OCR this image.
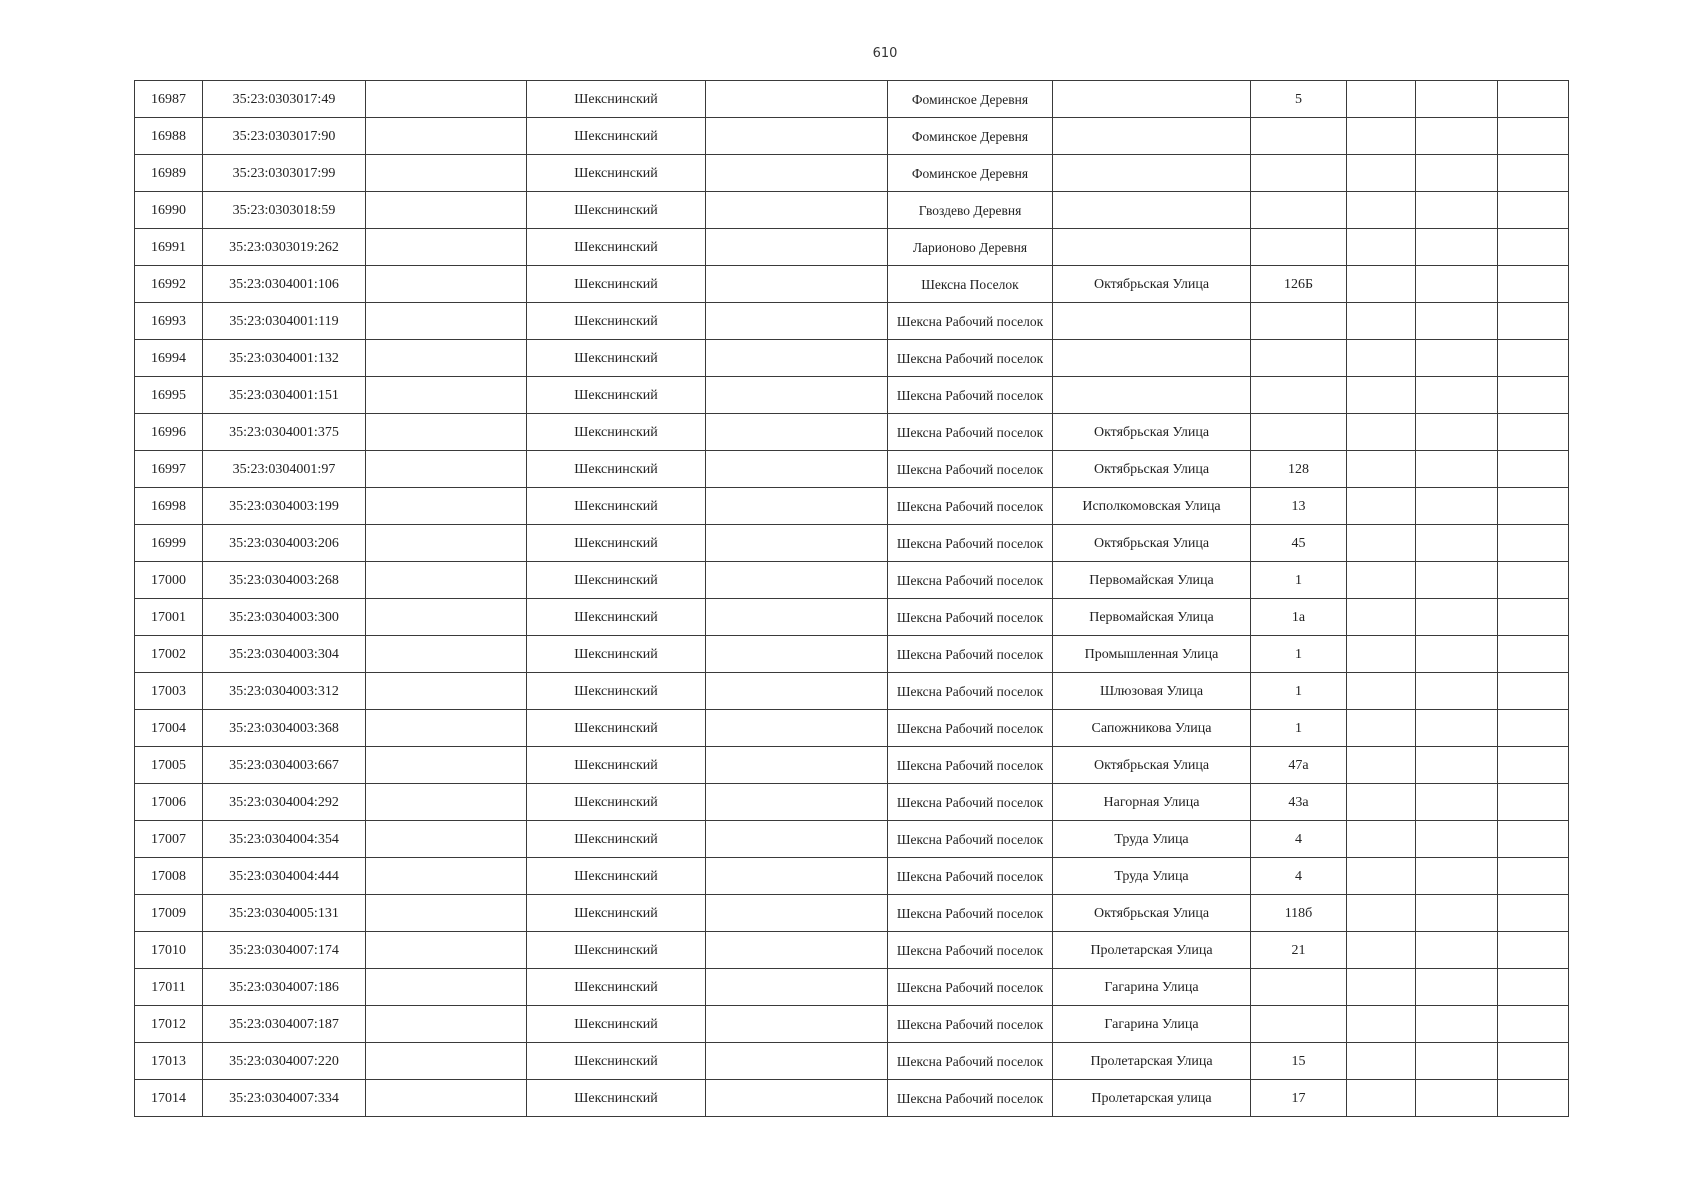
610
16987	35:23:0303017:49		Шекснинский		Фоминское Деревня		5			
16988	35:23:0303017:90		Шекснинский		Фоминское Деревня					
16989	35:23:0303017:99		Шекснинский		Фоминское Деревня					
16990	35:23:0303018:59		Шекснинский		Гвоздево Деревня					
16991	35:23:0303019:262		Шекснинский		Ларионово Деревня					
16992	35:23:0304001:106		Шекснинский		Шексна Поселок	Октябрьская Улица	126Б			
16993	35:23:0304001:119		Шекснинский		Шексна Рабочий поселок					
16994	35:23:0304001:132		Шекснинский		Шексна Рабочий поселок					
16995	35:23:0304001:151		Шекснинский		Шексна Рабочий поселок					
16996	35:23:0304001:375		Шекснинский		Шексна Рабочий поселок	Октябрьская Улица				
16997	35:23:0304001:97		Шекснинский		Шексна Рабочий поселок	Октябрьская Улица	128			
16998	35:23:0304003:199		Шекснинский		Шексна Рабочий поселок	Исполкомовская Улица	13			
16999	35:23:0304003:206		Шекснинский		Шексна Рабочий поселок	Октябрьская Улица	45			
17000	35:23:0304003:268		Шекснинский		Шексна Рабочий поселок	Первомайская Улица	1			
17001	35:23:0304003:300		Шекснинский		Шексна Рабочий поселок	Первомайская Улица	1а			
17002	35:23:0304003:304		Шекснинский		Шексна Рабочий поселок	Промышленная Улица	1			
17003	35:23:0304003:312		Шекснинский		Шексна Рабочий поселок	Шлюзовая Улица	1			
17004	35:23:0304003:368		Шекснинский		Шексна Рабочий поселок	Сапожникова Улица	1			
17005	35:23:0304003:667		Шекснинский		Шексна Рабочий поселок	Октябрьская Улица	47а			
17006	35:23:0304004:292		Шекснинский		Шексна Рабочий поселок	Нагорная Улица	43а			
17007	35:23:0304004:354		Шекснинский		Шексна Рабочий поселок	Труда Улица	4			
17008	35:23:0304004:444		Шекснинский		Шексна Рабочий поселок	Труда Улица	4			
17009	35:23:0304005:131		Шекснинский		Шексна Рабочий поселок	Октябрьская Улица	118б			
17010	35:23:0304007:174		Шекснинский		Шексна Рабочий поселок	Пролетарская Улица	21			
17011	35:23:0304007:186		Шекснинский		Шексна Рабочий поселок	Гагарина Улица				
17012	35:23:0304007:187		Шекснинский		Шексна Рабочий поселок	Гагарина Улица				
17013	35:23:0304007:220		Шекснинский		Шексна Рабочий поселок	Пролетарская Улица	15			
17014	35:23:0304007:334		Шекснинский		Шексна Рабочий поселок	Пролетарская улица	17			
